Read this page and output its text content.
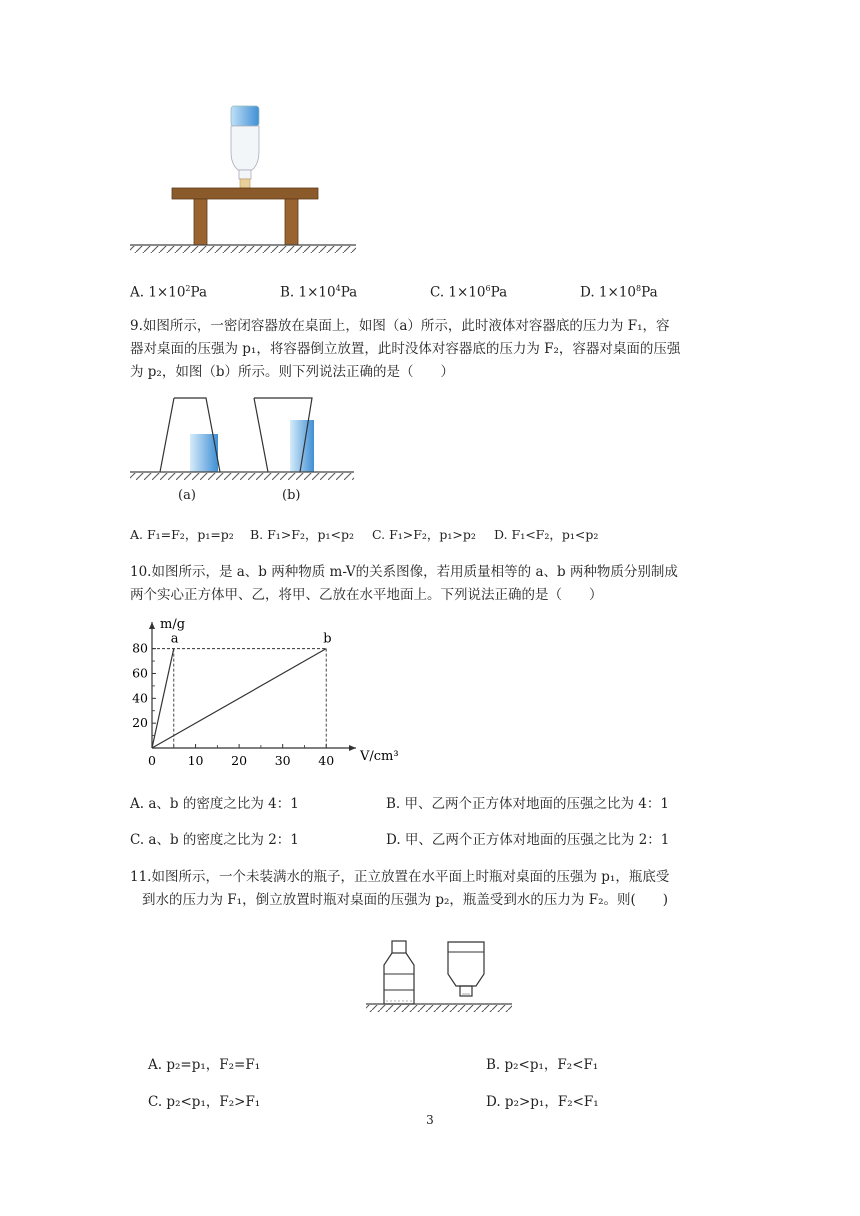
A. $1\times 10^2Pa$	B. $1\times 10^4Pa$	C. $1\times 10^6Pa$	D. $1\times 10^8Pa$
9.如图所示，一密闭容器放在桌面上，如图（a）所示，此时液体对容器底的压力为 F₁，容
器对桌面的压强为 p₁，将容器倒立放置，此时没体对容器底的压力为 F₂，容器对桌面的压强
为 p₂，如图（b）所示。则下列说法正确的是（　　）
(a)	(b)
A. F₁=F₂，p₁=p₂ B. F₁>F₂，p₁<p₂ C. F₁>F₂，p₁>p₂ D. F₁<F₂，p₁<p₂
10.如图所示，是 a、b 两种物质 m-V的关系图像，若用质量相等的 a、b 两种物质分别制成
两个实心正方体甲、乙，将甲、乙放在水平地面上。下列说法正确的是（　　）
m/g
V/cm³
0	10 20 30 40
20
40
60
80
a	b
A. a、b 的密度之比为 4：1	B. 甲、乙两个正方体对地面的压强之比为 4：1
C. a、b 的密度之比为 2：1	D. 甲、乙两个正方体对地面的压强之比为 2：1
11.如图所示，一个未装满水的瓶子，正立放置在水平面上时瓶对桌面的压强为 p₁，瓶底受
到水的压力为 F₁，倒立放置时瓶对桌面的压强为 p₂，瓶盖受到水的压力为 F₂。则(　　)
A. p₂=p₁，F₂=F₁	B. p₂<p₁，F₂<F₁
C. p₂<p₁，F₂>F₁	D. p₂>p₁，F₂<F₁
3
